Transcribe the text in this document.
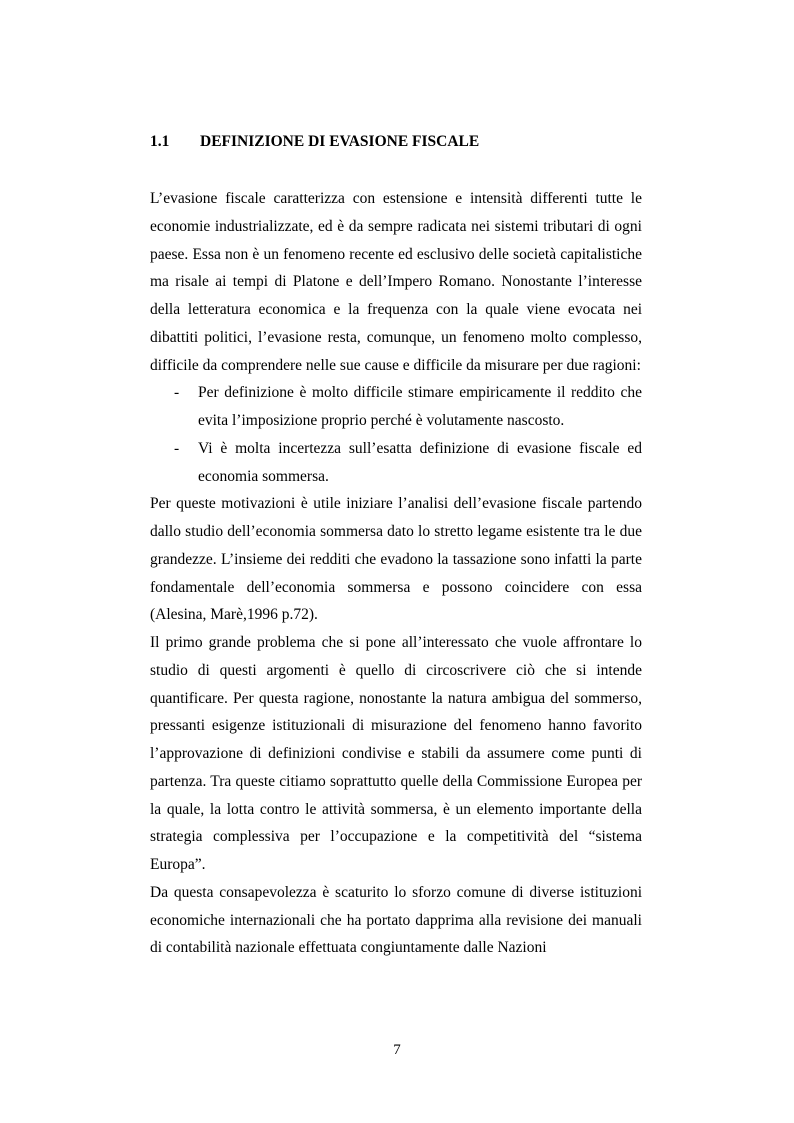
1.1 DEFINIZIONE DI EVASIONE FISCALE

L’evasione fiscale caratterizza con estensione e intensità differenti tutte le economie industrializzate, ed è da sempre radicata nei sistemi tributari di ogni paese. Essa non è un fenomeno recente ed esclusivo delle società capitalistiche ma risale ai tempi di Platone e dell’Impero Romano. Nonostante l’interesse della letteratura economica e la frequenza con la quale viene evocata nei dibattiti politici, l’evasione resta, comunque, un fenomeno molto complesso, difficile da comprendere nelle sue cause e difficile da misurare per due ragioni:

- Per definizione è molto difficile stimare empiricamente il reddito che evita l’imposizione proprio perché è volutamente nascosto.
- Vi è molta incertezza sull’esatta definizione di evasione fiscale ed economia sommersa.

Per queste motivazioni è utile iniziare l’analisi dell’evasione fiscale partendo dallo studio dell’economia sommersa dato lo stretto legame esistente tra le due grandezze. L’insieme dei redditi che evadono la tassazione sono infatti la parte fondamentale dell’economia sommersa e possono coincidere con essa (Alesina, Marè,1996 p.72).

Il primo grande problema che si pone all’interessato che vuole affrontare lo studio di questi argomenti è quello di circoscrivere ciò che si intende quantificare. Per questa ragione, nonostante la natura ambigua del sommerso, pressanti esigenze istituzionali di misurazione del fenomeno hanno favorito l’approvazione di definizioni condivise e stabili da assumere come punti di partenza. Tra queste citiamo soprattutto quelle della Commissione Europea per la quale, la lotta contro le attività sommersa, è un elemento importante della strategia complessiva per l’occupazione e la competitività del “sistema Europa”.

Da questa consapevolezza è scaturito lo sforzo comune di diverse istituzioni economiche internazionali che ha portato dapprima alla revisione dei manuali di contabilità nazionale effettuata congiuntamente dalle Nazioni

7
